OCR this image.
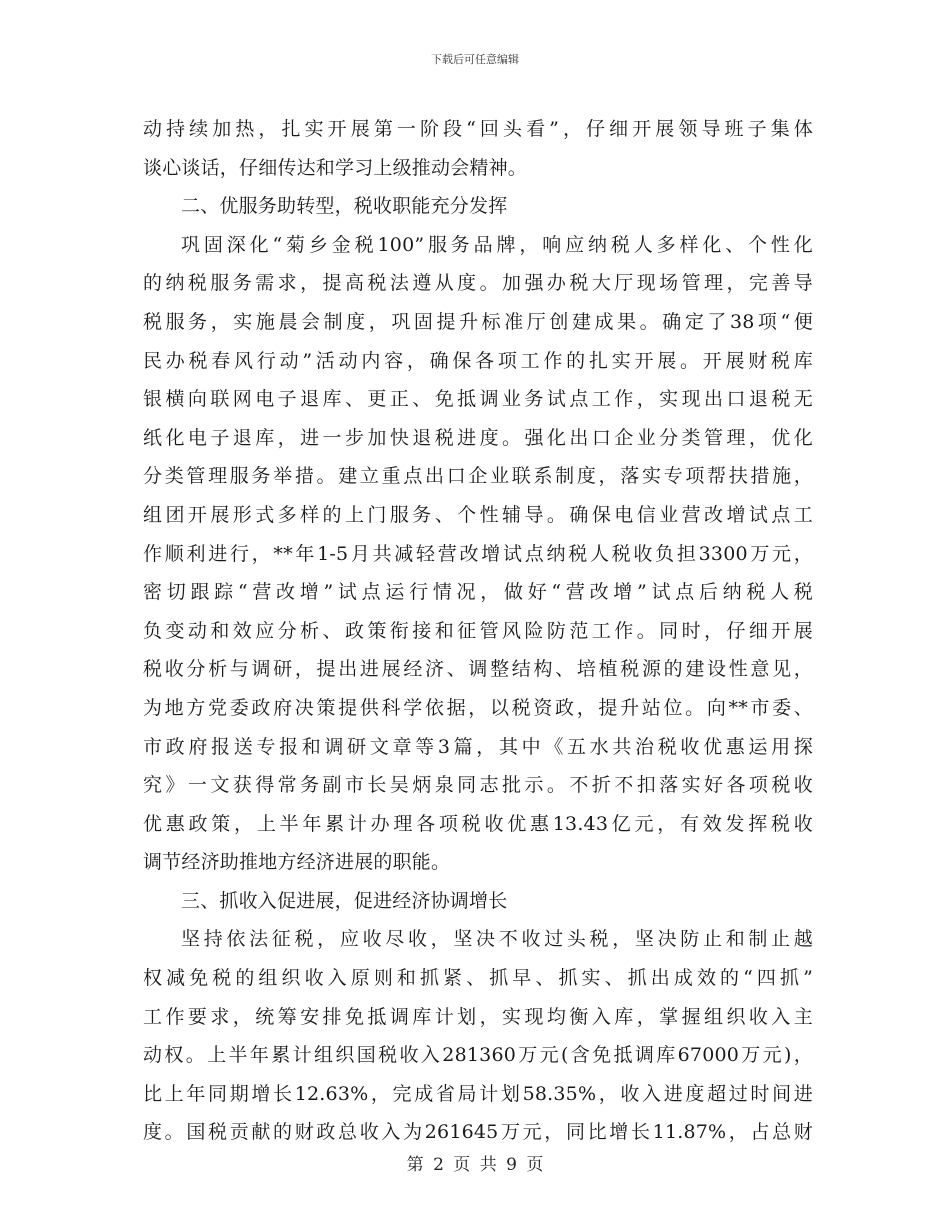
下载后可任意编辑
动持续加热，扎实开展第一阶段“回头看”，仔细开展领导班子集体
谈心谈话，仔细传达和学习上级推动会精神。
二、优服务助转型，税收职能充分发挥
巩固深化“菊乡金税100”服务品牌，响应纳税人多样化、个性化
的纳税服务需求，提高税法遵从度。加强办税大厅现场管理，完善导
税服务，实施晨会制度，巩固提升标准厅创建成果。确定了38项“便
民办税春风行动”活动内容，确保各项工作的扎实开展。开展财税库
银横向联网电子退库、更正、免抵调业务试点工作，实现出口退税无
纸化电子退库，进一步加快退税进度。强化出口企业分类管理，优化
分类管理服务举措。建立重点出口企业联系制度，落实专项帮扶措施，
组团开展形式多样的上门服务、个性辅导。确保电信业营改增试点工
作顺利进行，**年1-5月共减轻营改增试点纳税人税收负担3300万元，
密切跟踪“营改增”试点运行情况，做好“营改增”试点后纳税人税
负变动和效应分析、政策衔接和征管风险防范工作。同时，仔细开展
税收分析与调研，提出进展经济、调整结构、培植税源的建设性意见，
为地方党委政府决策提供科学依据，以税资政，提升站位。向**市委、
市政府报送专报和调研文章等3篇，其中《五水共治税收优惠运用探
究》一文获得常务副市长吴炳泉同志批示。不折不扣落实好各项税收
优惠政策，上半年累计办理各项税收优惠13.43亿元，有效发挥税收
调节经济助推地方经济进展的职能。
三、抓收入促进展，促进经济协调增长
坚持依法征税，应收尽收，坚决不收过头税，坚决防止和制止越
权减免税的组织收入原则和抓紧、抓早、抓实、抓出成效的“四抓”
工作要求，统筹安排免抵调库计划，实现均衡入库，掌握组织收入主
动权。上半年累计组织国税收入281360万元(含免抵调库67000万元)，
比上年同期增长12.63%，完成省局计划58.35%，收入进度超过时间进
度。国税贡献的财政总收入为261645万元，同比增长11.87%，占总财
第 2 页 共 9 页
